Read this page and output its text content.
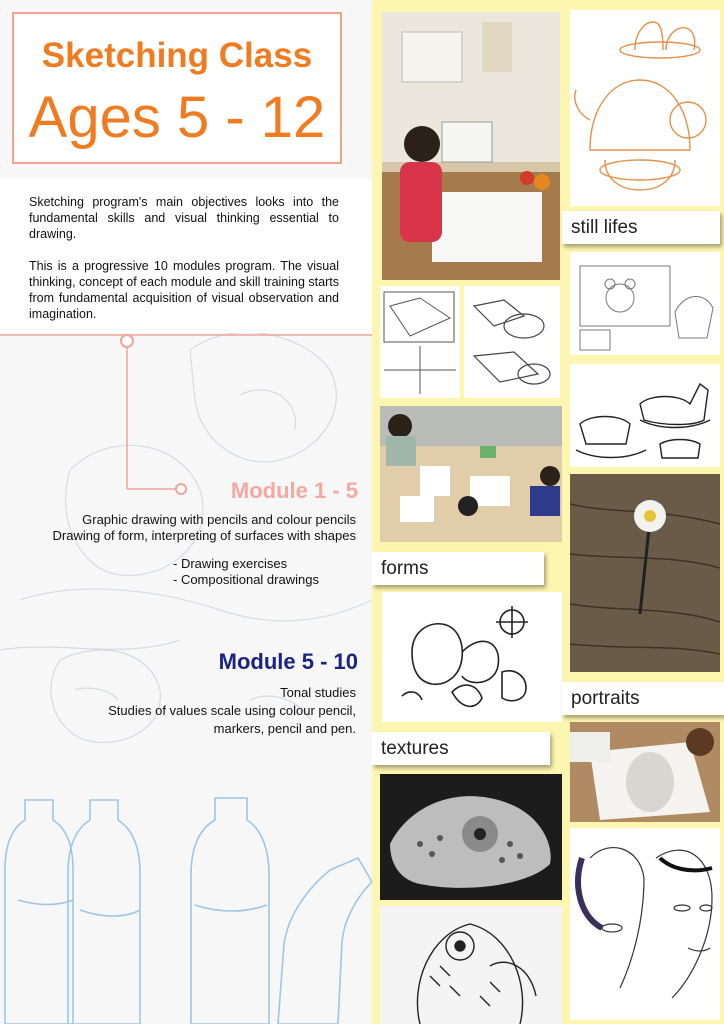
Sketching Class
Ages 5 - 12
Sketching program's main objectives looks into the fundamental skills and visual thinking essential to drawing.
This is a progressive 10 modules program. The visual thinking, concept of each module and skill training starts from fundamental acquisition of visual observation and imagination.
Module 1 - 5
Graphic drawing with pencils and colour pencils
Drawing of form, interpreting of surfaces with shapes
- Drawing exercises
- Compositional drawings
Module 5 - 10
Tonal studies
Studies of values scale using colour pencil,
markers, pencil and pen.
still lifes
forms
portraits
textures
